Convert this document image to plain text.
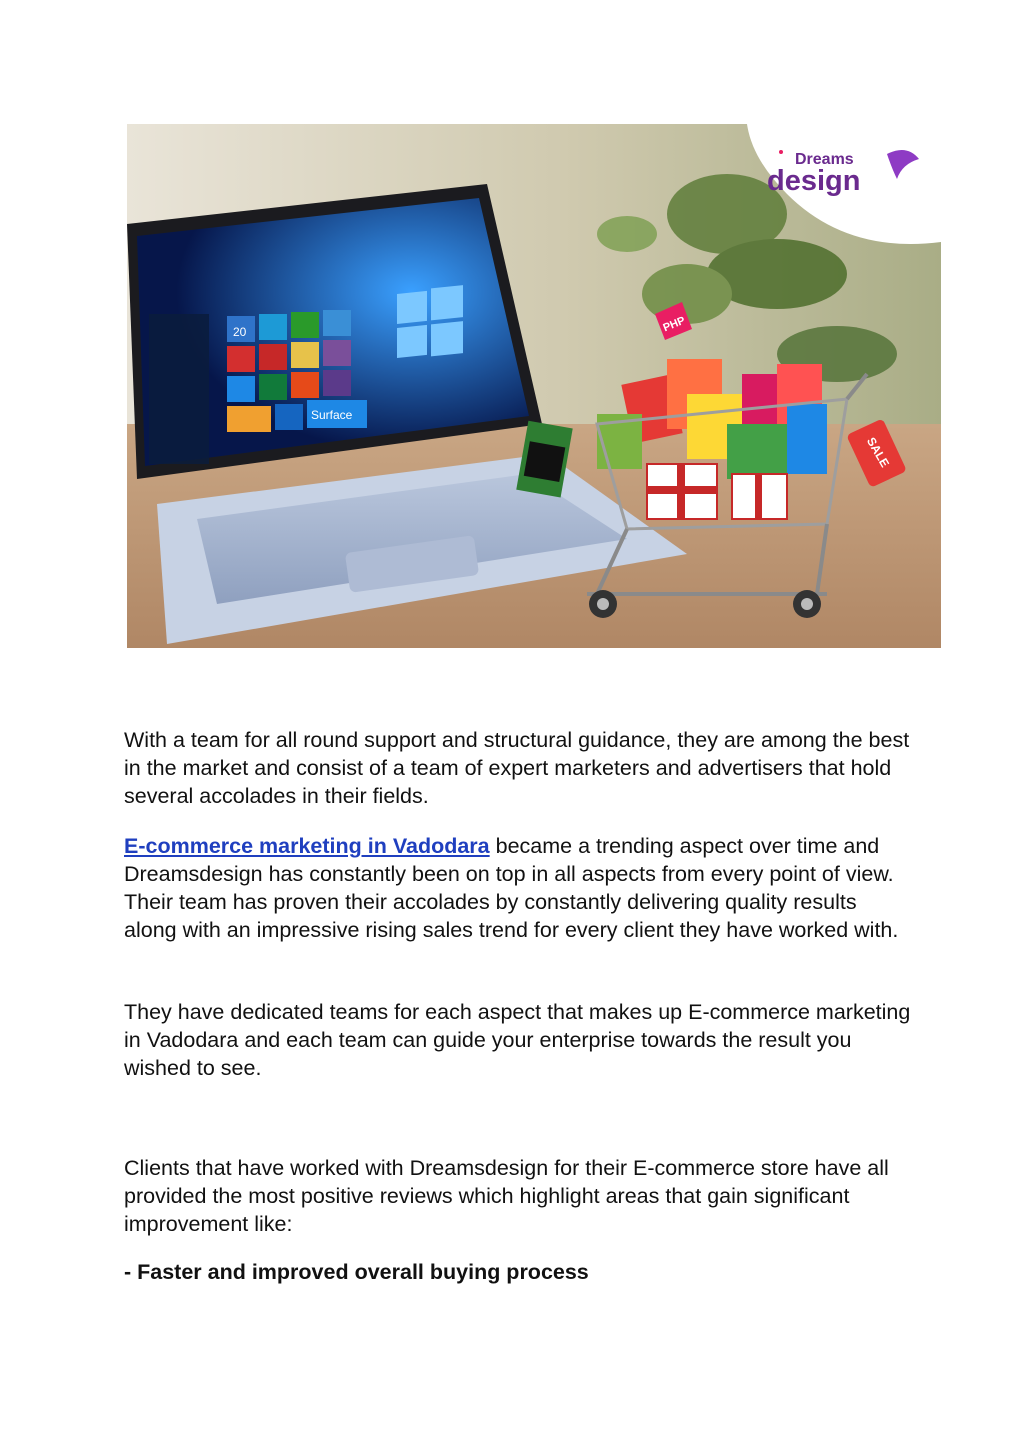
20
Surface
PHP
SALE
Dreams
design

With a team for all round support and structural guidance, they are among the best in the market and consist of a team of expert marketers and advertisers that hold several accolades in their fields.

E-commerce marketing in Vadodara became a trending aspect over time and Dreamsdesign has constantly been on top in all aspects from every point of view. Their team has proven their accolades by constantly delivering quality results along with an impressive rising sales trend for every client they have worked with.

They have dedicated teams for each aspect that makes up E-commerce marketing in Vadodara and each team can guide your enterprise towards the result you wished to see.

Clients that have worked with Dreamsdesign for their E-commerce store have all provided the most positive reviews which highlight areas that gain significant improvement like:

- Faster and improved overall buying process
